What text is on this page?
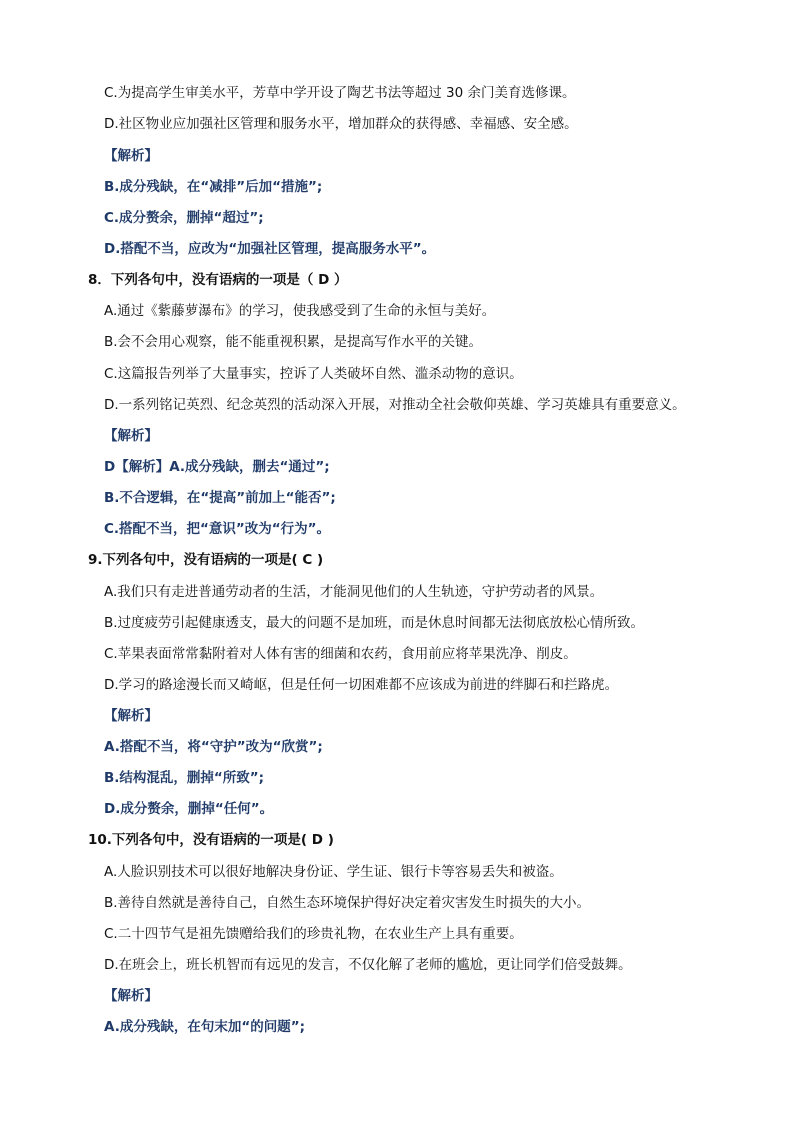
C.为提高学生审美水平，芳草中学开设了陶艺书法等超过 30 余门美育选修课。
D.社区物业应加强社区管理和服务水平，增加群众的获得感、幸福感、安全感。
【解析】
B.成分残缺，在“减排”后加“措施”;
C.成分赘余，删掉“超过”;
D.搭配不当，应改为“加强社区管理，提高服务水平”。
8．下列各句中，没有语病的一项是（ D ）
A.通过《紫藤萝瀑布》的学习，使我感受到了生命的永恒与美好。
B.会不会用心观察，能不能重视积累，是提高写作水平的关键。
C.这篇报告列举了大量事实，控诉了人类破坏自然、滥杀动物的意识。
D.一系列铭记英烈、纪念英烈的活动深入开展，对推动全社会敬仰英雄、学习英雄具有重要意义。
【解析】
D【解析】A.成分残缺，删去“通过”;
B.不合逻辑，在“提高”前加上“能否”;
C.搭配不当，把“意识”改为“行为”。
9.下列各句中，没有语病的一项是( C )
A.我们只有走进普通劳动者的生活，才能洞见他们的人生轨迹，守护劳动者的风景。
B.过度疲劳引起健康透支，最大的问题不是加班，而是休息时间都无法彻底放松心情所致。
C.苹果表面常常黏附着对人体有害的细菌和农药，食用前应将苹果洗净、削皮。
D.学习的路途漫长而又崎岖，但是任何一切困难都不应该成为前进的绊脚石和拦路虎。
【解析】
A.搭配不当，将“守护”改为“欣赏”;
B.结构混乱，删掉“所致”;
D.成分赘余，删掉“任何”。
10.下列各句中，没有语病的一项是( D )
A.人脸识别技术可以很好地解决身份证、学生证、银行卡等容易丢失和被盗。
B.善待自然就是善待自己，自然生态环境保护得好决定着灾害发生时损失的大小。
C.二十四节气是祖先馈赠给我们的珍贵礼物，在农业生产上具有重要。
D.在班会上，班长机智而有远见的发言，不仅化解了老师的尴尬，更让同学们倍受鼓舞。
【解析】
A.成分残缺，在句末加“的问题”;
